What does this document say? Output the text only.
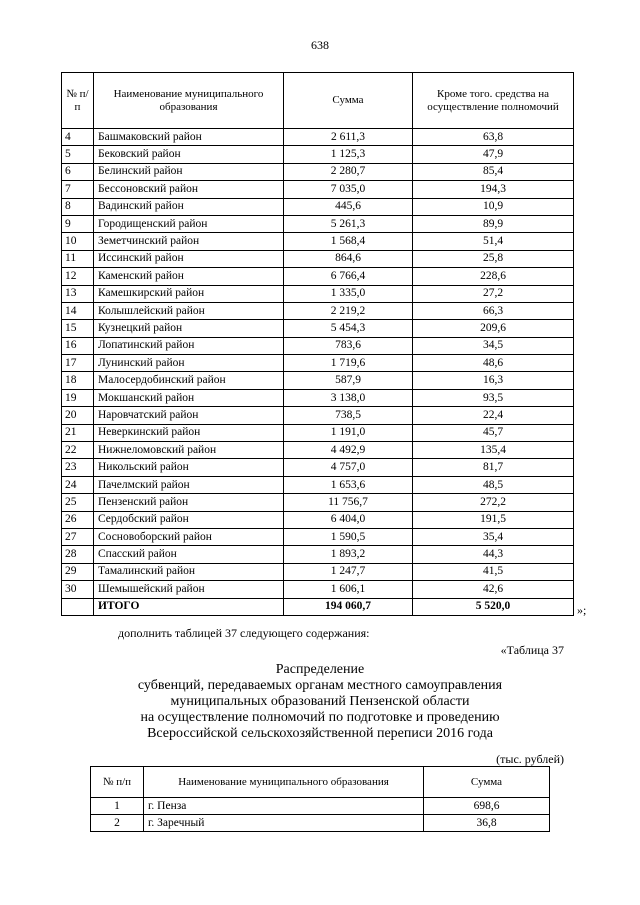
638
№ п/п	Наименование муниципального образования	Сумма	Кроме того. средства на осуществление полномочий
4	Башмаковский район	2 611,3	63,8
5	Бековский район	1 125,3	47,9
6	Белинский район	2 280,7	85,4
7	Бессоновский район	7 035,0	194,3
8	Вадинский район	445,6	10,9
9	Городищенский район	5 261,3	89,9
10	Земетчинский район	1 568,4	51,4
11	Иссинский район	864,6	25,8
12	Каменский район	6 766,4	228,6
13	Камешкирский район	1 335,0	27,2
14	Колышлейский район	2 219,2	66,3
15	Кузнецкий район	5 454,3	209,6
16	Лопатинский район	783,6	34,5
17	Лунинский район	1 719,6	48,6
18	Малосердобинский район	587,9	16,3
19	Мокшанский район	3 138,0	93,5
20	Наровчатский район	738,5	22,4
21	Неверкинский район	1 191,0	45,7
22	Нижнеломовский район	4 492,9	135,4
23	Никольский район	4 757,0	81,7
24	Пачелмский район	1 653,6	48,5
25	Пензенский район	11 756,7	272,2
26	Сердобский район	6 404,0	191,5
27	Сосновоборский район	1 590,5	35,4
28	Спасский район	1 893,2	44,3
29	Тамалинский район	1 247,7	41,5
30	Шемышейский район	1 606,1	42,6
	ИТОГО	194 060,7	5 520,0	»;
дополнить таблицей 37 следующего содержания:
«Таблица 37
Распределение
субвенций, передаваемых органам местного самоуправления
муниципальных образований Пензенской области
на осуществление полномочий по подготовке и проведению
Всероссийской сельскохозяйственной переписи 2016 года
(тыс. рублей)
№ п/п	Наименование муниципального образования	Сумма
1	г. Пенза	698,6
2	г. Заречный	36,8
